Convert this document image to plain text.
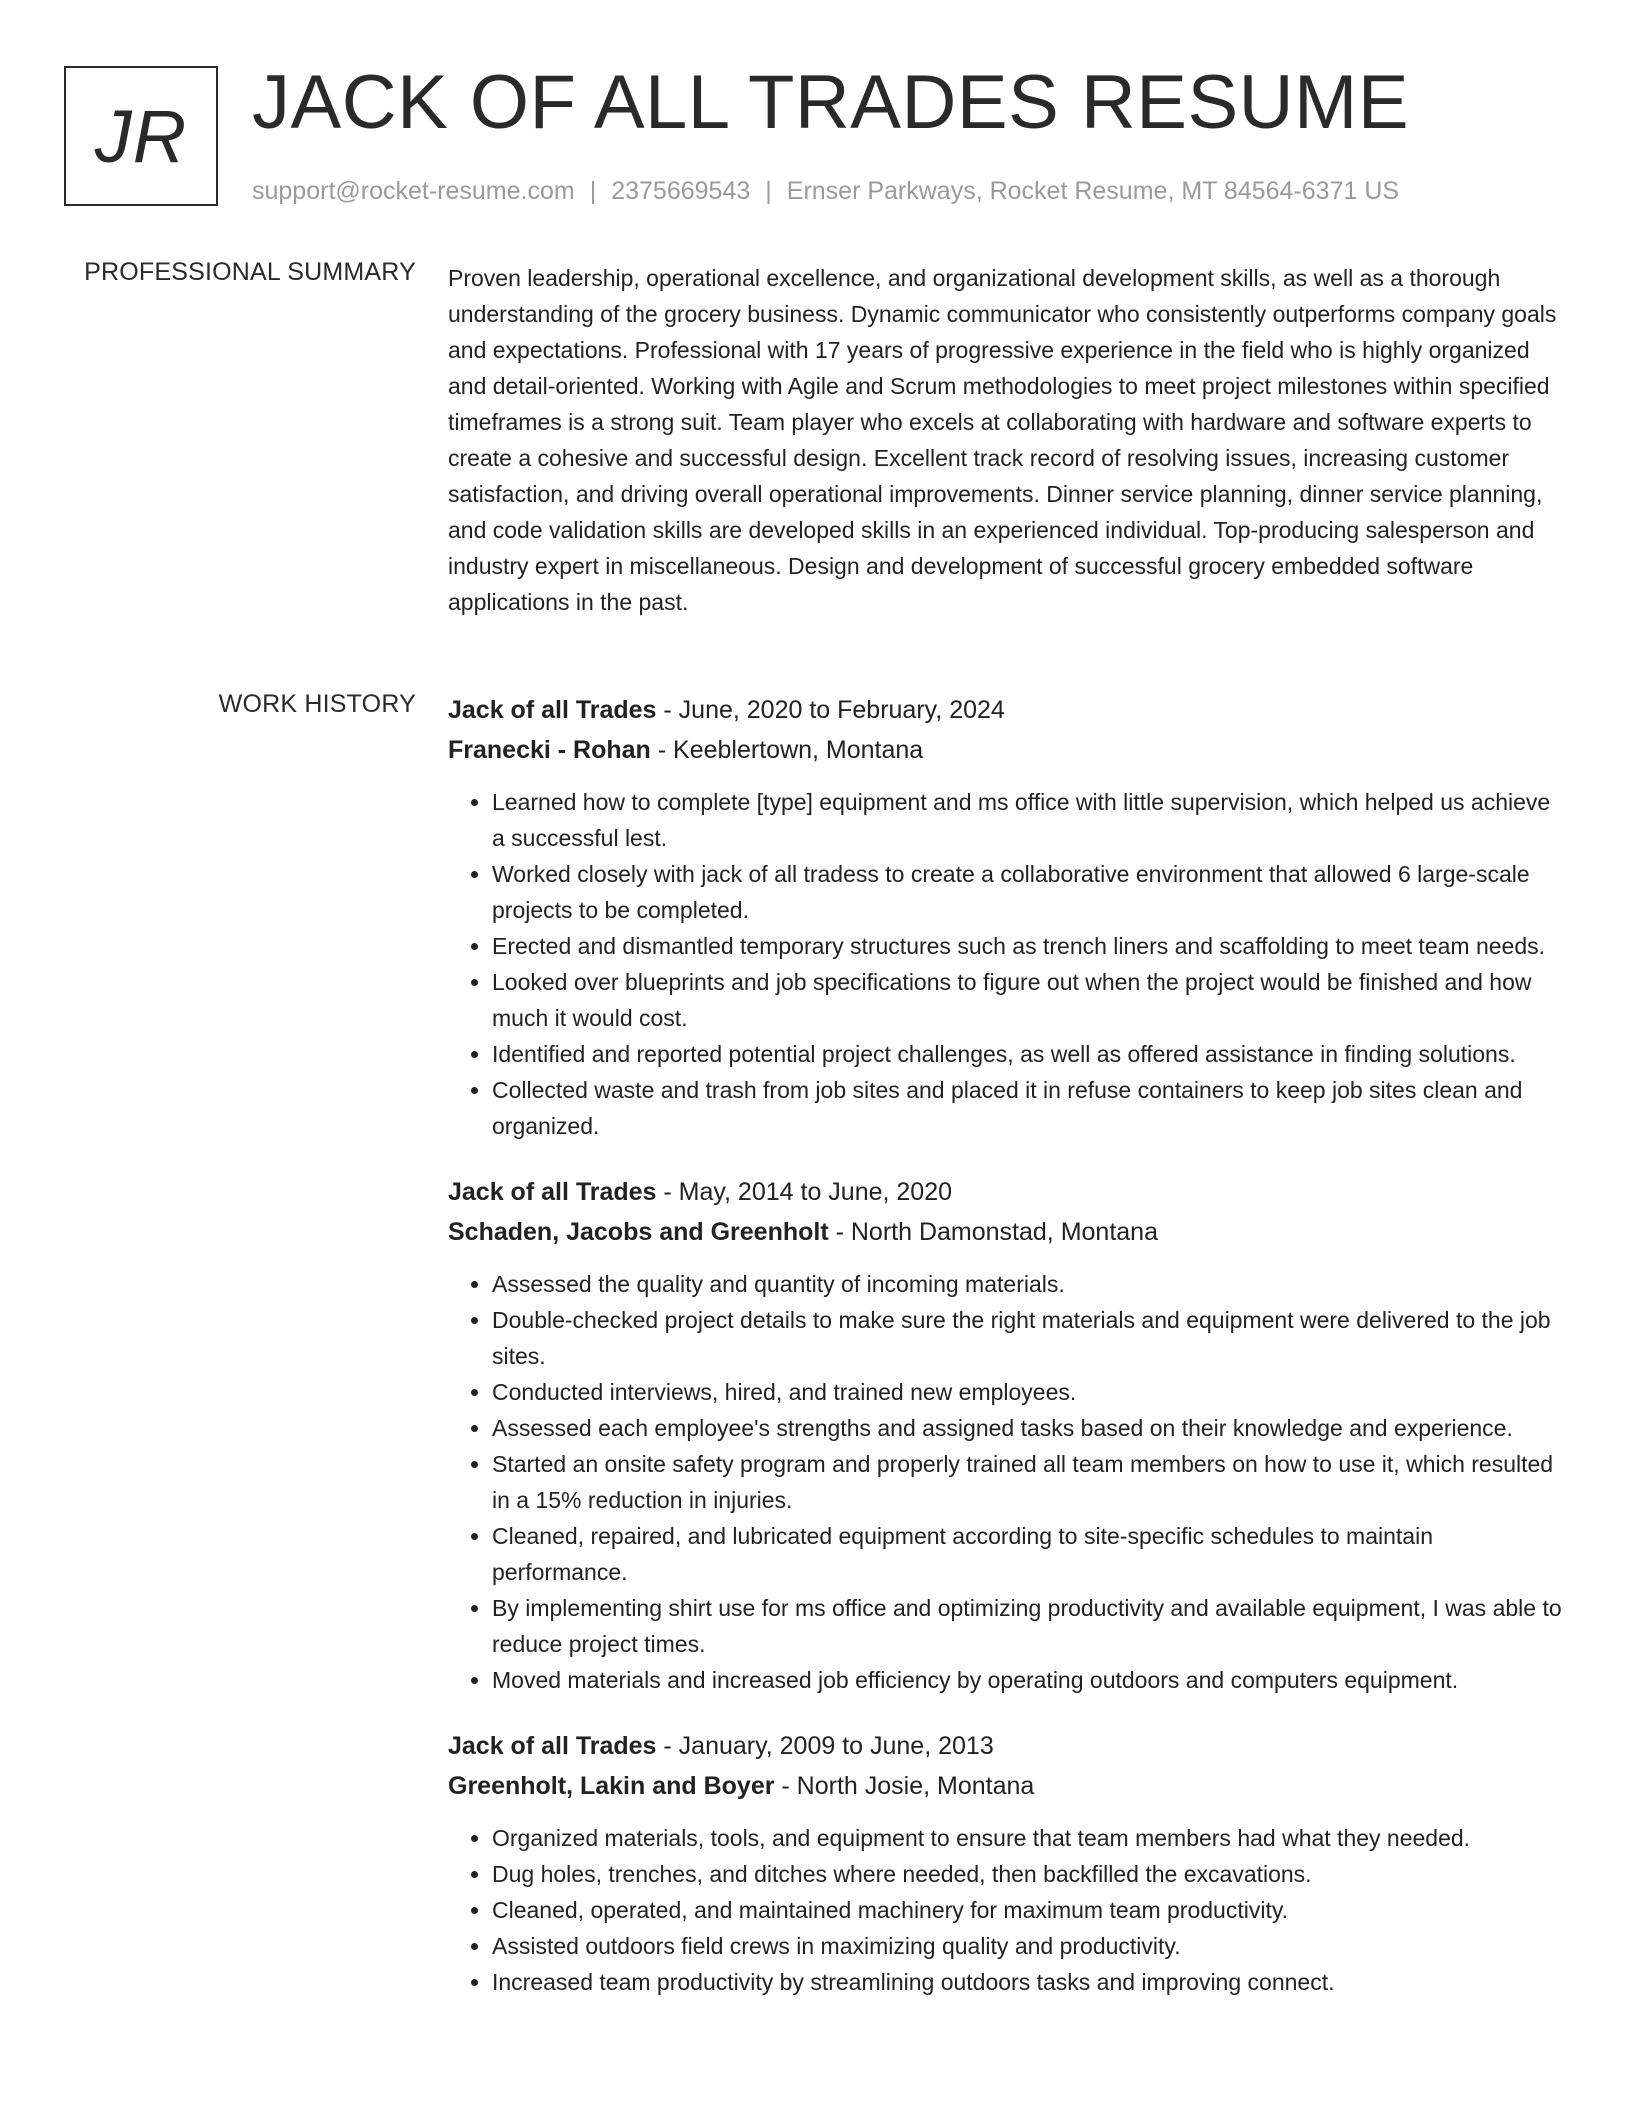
JR JACK OF ALL TRADES RESUME
support@rocket-resume.com | 2375669543 | Ernser Parkways, Rocket Resume, MT 84564-6371 US
PROFESSIONAL SUMMARY Proven leadership, operational excellence, and organizational development skills, as well as a thorough understanding of the grocery business. Dynamic communicator who consistently outperforms company goals and expectations. Professional with 17 years of progressive experience in the field who is highly organized and detail-oriented. Working with Agile and Scrum methodologies to meet project milestones within specified timeframes is a strong suit. Team player who excels at collaborating with hardware and software experts to create a cohesive and successful design. Excellent track record of resolving issues, increasing customer satisfaction, and driving overall operational improvements. Dinner service planning, dinner service planning, and code validation skills are developed skills in an experienced individual. Top-producing salesperson and industry expert in miscellaneous. Design and development of successful grocery embedded software applications in the past.

WORK HISTORY Jack of all Trades - June, 2020 to February, 2024
Franecki - Rohan - Keeblertown, Montana
• Learned how to complete [type] equipment and ms office with little supervision, which helped us achieve a successful lest.
• Worked closely with jack of all tradess to create a collaborative environment that allowed 6 large-scale projects to be completed.
• Erected and dismantled temporary structures such as trench liners and scaffolding to meet team needs.
• Looked over blueprints and job specifications to figure out when the project would be finished and how much it would cost.
• Identified and reported potential project challenges, as well as offered assistance in finding solutions.
• Collected waste and trash from job sites and placed it in refuse containers to keep job sites clean and organized.
Jack of all Trades - May, 2014 to June, 2020
Schaden, Jacobs and Greenholt - North Damonstad, Montana
• Assessed the quality and quantity of incoming materials.
• Double-checked project details to make sure the right materials and equipment were delivered to the job sites.
• Conducted interviews, hired, and trained new employees.
• Assessed each employee's strengths and assigned tasks based on their knowledge and experience.
• Started an onsite safety program and properly trained all team members on how to use it, which resulted in a 15% reduction in injuries.
• Cleaned, repaired, and lubricated equipment according to site-specific schedules to maintain performance.
• By implementing shirt use for ms office and optimizing productivity and available equipment, I was able to reduce project times.
• Moved materials and increased job efficiency by operating outdoors and computers equipment.
Jack of all Trades - January, 2009 to June, 2013
Greenholt, Lakin and Boyer - North Josie, Montana
• Organized materials, tools, and equipment to ensure that team members had what they needed.
• Dug holes, trenches, and ditches where needed, then backfilled the excavations.
• Cleaned, operated, and maintained machinery for maximum team productivity.
• Assisted outdoors field crews in maximizing quality and productivity.
• Increased team productivity by streamlining outdoors tasks and improving connect.
